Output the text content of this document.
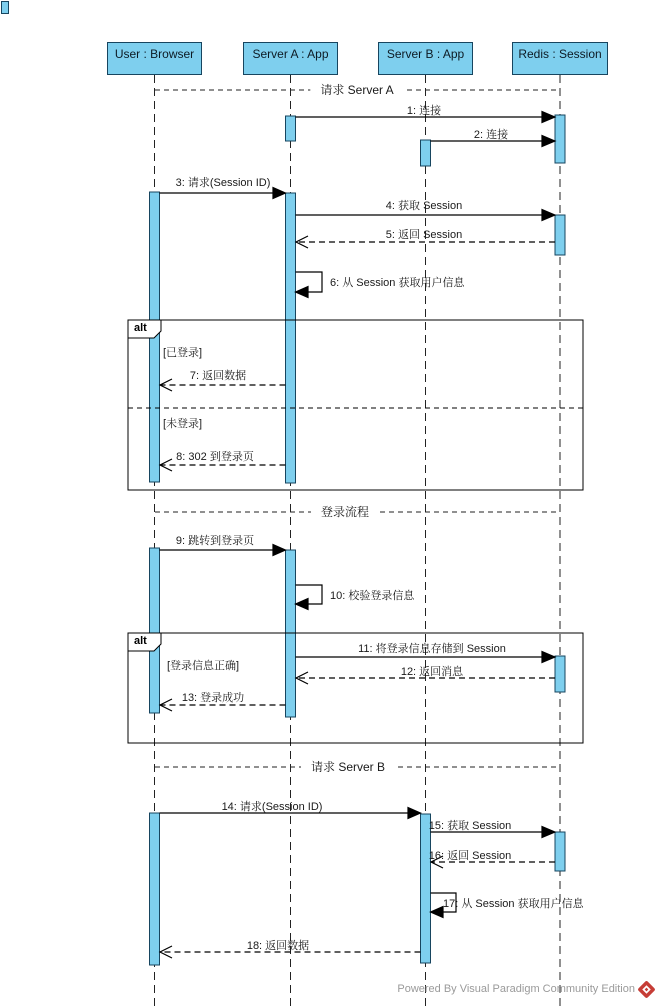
User : Browser	Server A : App	Server B : App	Redis : Session
请求 Server A
登录流程
请求 Server B
alt
[已登录]
[未登录]
alt
[登录信息正确]
1: 连接
2: 连接
3: 请求(Session ID)
4: 获取 Session
5: 返回 Session
6: 从 Session 获取用户信息
7: 返回数据
8: 302 到登录页
9: 跳转到登录页
10: 校验登录信息
11: 将登录信息存储到 Session
12: 返回消息
13: 登录成功
14: 请求(Session ID)
15: 获取 Session
16: 返回 Session
17: 从 Session 获取用户信息
18: 返回数据
Powered By Visual Paradigm Community Edition
